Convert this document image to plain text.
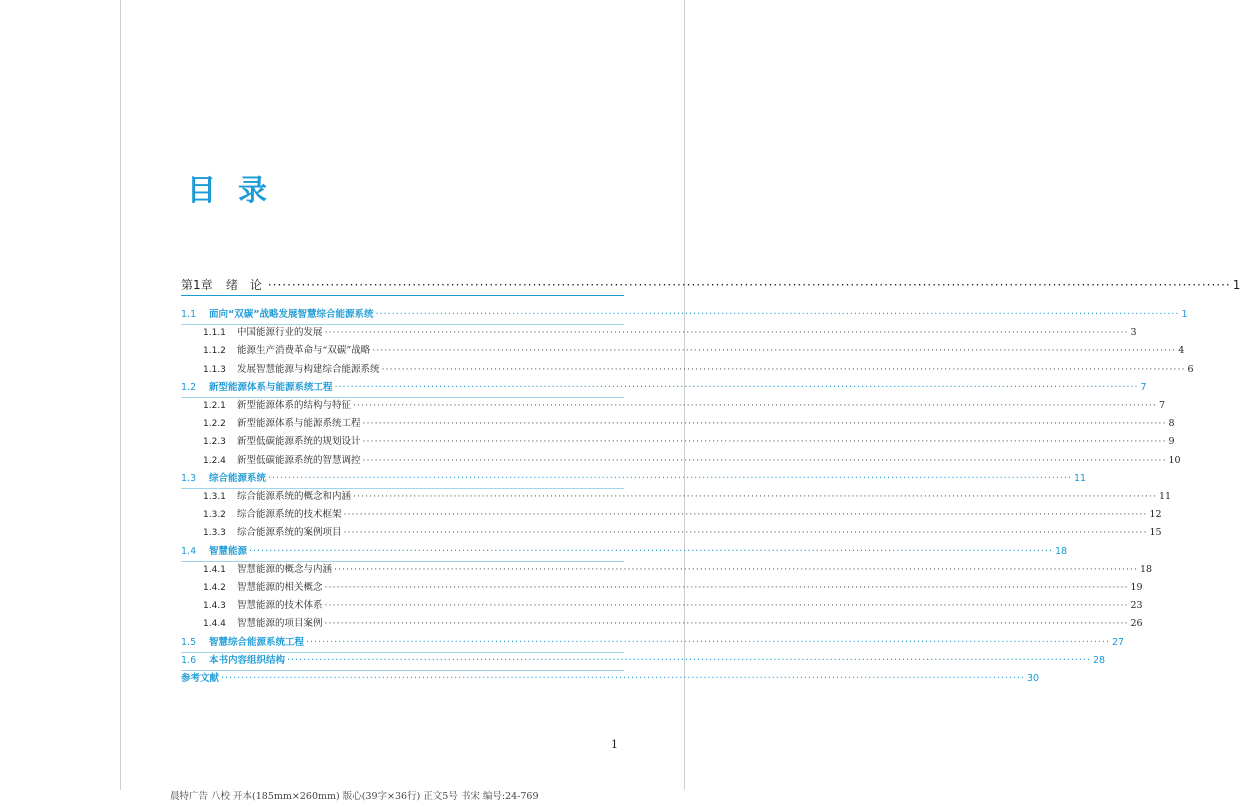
目录
第1章	绪 论 ········································································································································································································ 1
1.1	面向“双碳”战略发展智慧综合能源系统 ········································································································································································································ 1
1.1.1	中国能源行业的发展 ········································································································································································································ 3
1.1.2	能源生产消费革命与“双碳”战略 ········································································································································································································ 4
1.1.3	发展智慧能源与构建综合能源系统 ········································································································································································································ 6
1.2	新型能源体系与能源系统工程 ········································································································································································································ 7
1.2.1	新型能源体系的结构与特征 ········································································································································································································ 7
1.2.2	新型能源体系与能源系统工程 ········································································································································································································ 8
1.2.3	新型低碳能源系统的规划设计 ········································································································································································································ 9
1.2.4	新型低碳能源系统的智慧调控 ········································································································································································································ 10
1.3	综合能源系统 ········································································································································································································ 11
1.3.1	综合能源系统的概念和内涵 ········································································································································································································ 11
1.3.2	综合能源系统的技术框架 ········································································································································································································ 12
1.3.3	综合能源系统的案例项目 ········································································································································································································ 15
1.4	智慧能源 ········································································································································································································ 18
1.4.1	智慧能源的概念与内涵 ········································································································································································································ 18
1.4.2	智慧能源的相关概念 ········································································································································································································ 19
1.4.3	智慧能源的技术体系 ········································································································································································································ 23
1.4.4	智慧能源的项目案例 ········································································································································································································ 26
1.5	智慧综合能源系统工程 ········································································································································································································ 27
1.6	本书内容组织结构 ········································································································································································································ 28
参考文献 ········································································································································································································ 30
1
晨特广告 八校 开本(185mm×260mm) 版心(39字×36行) 正文5号 书宋 编号:24-769
